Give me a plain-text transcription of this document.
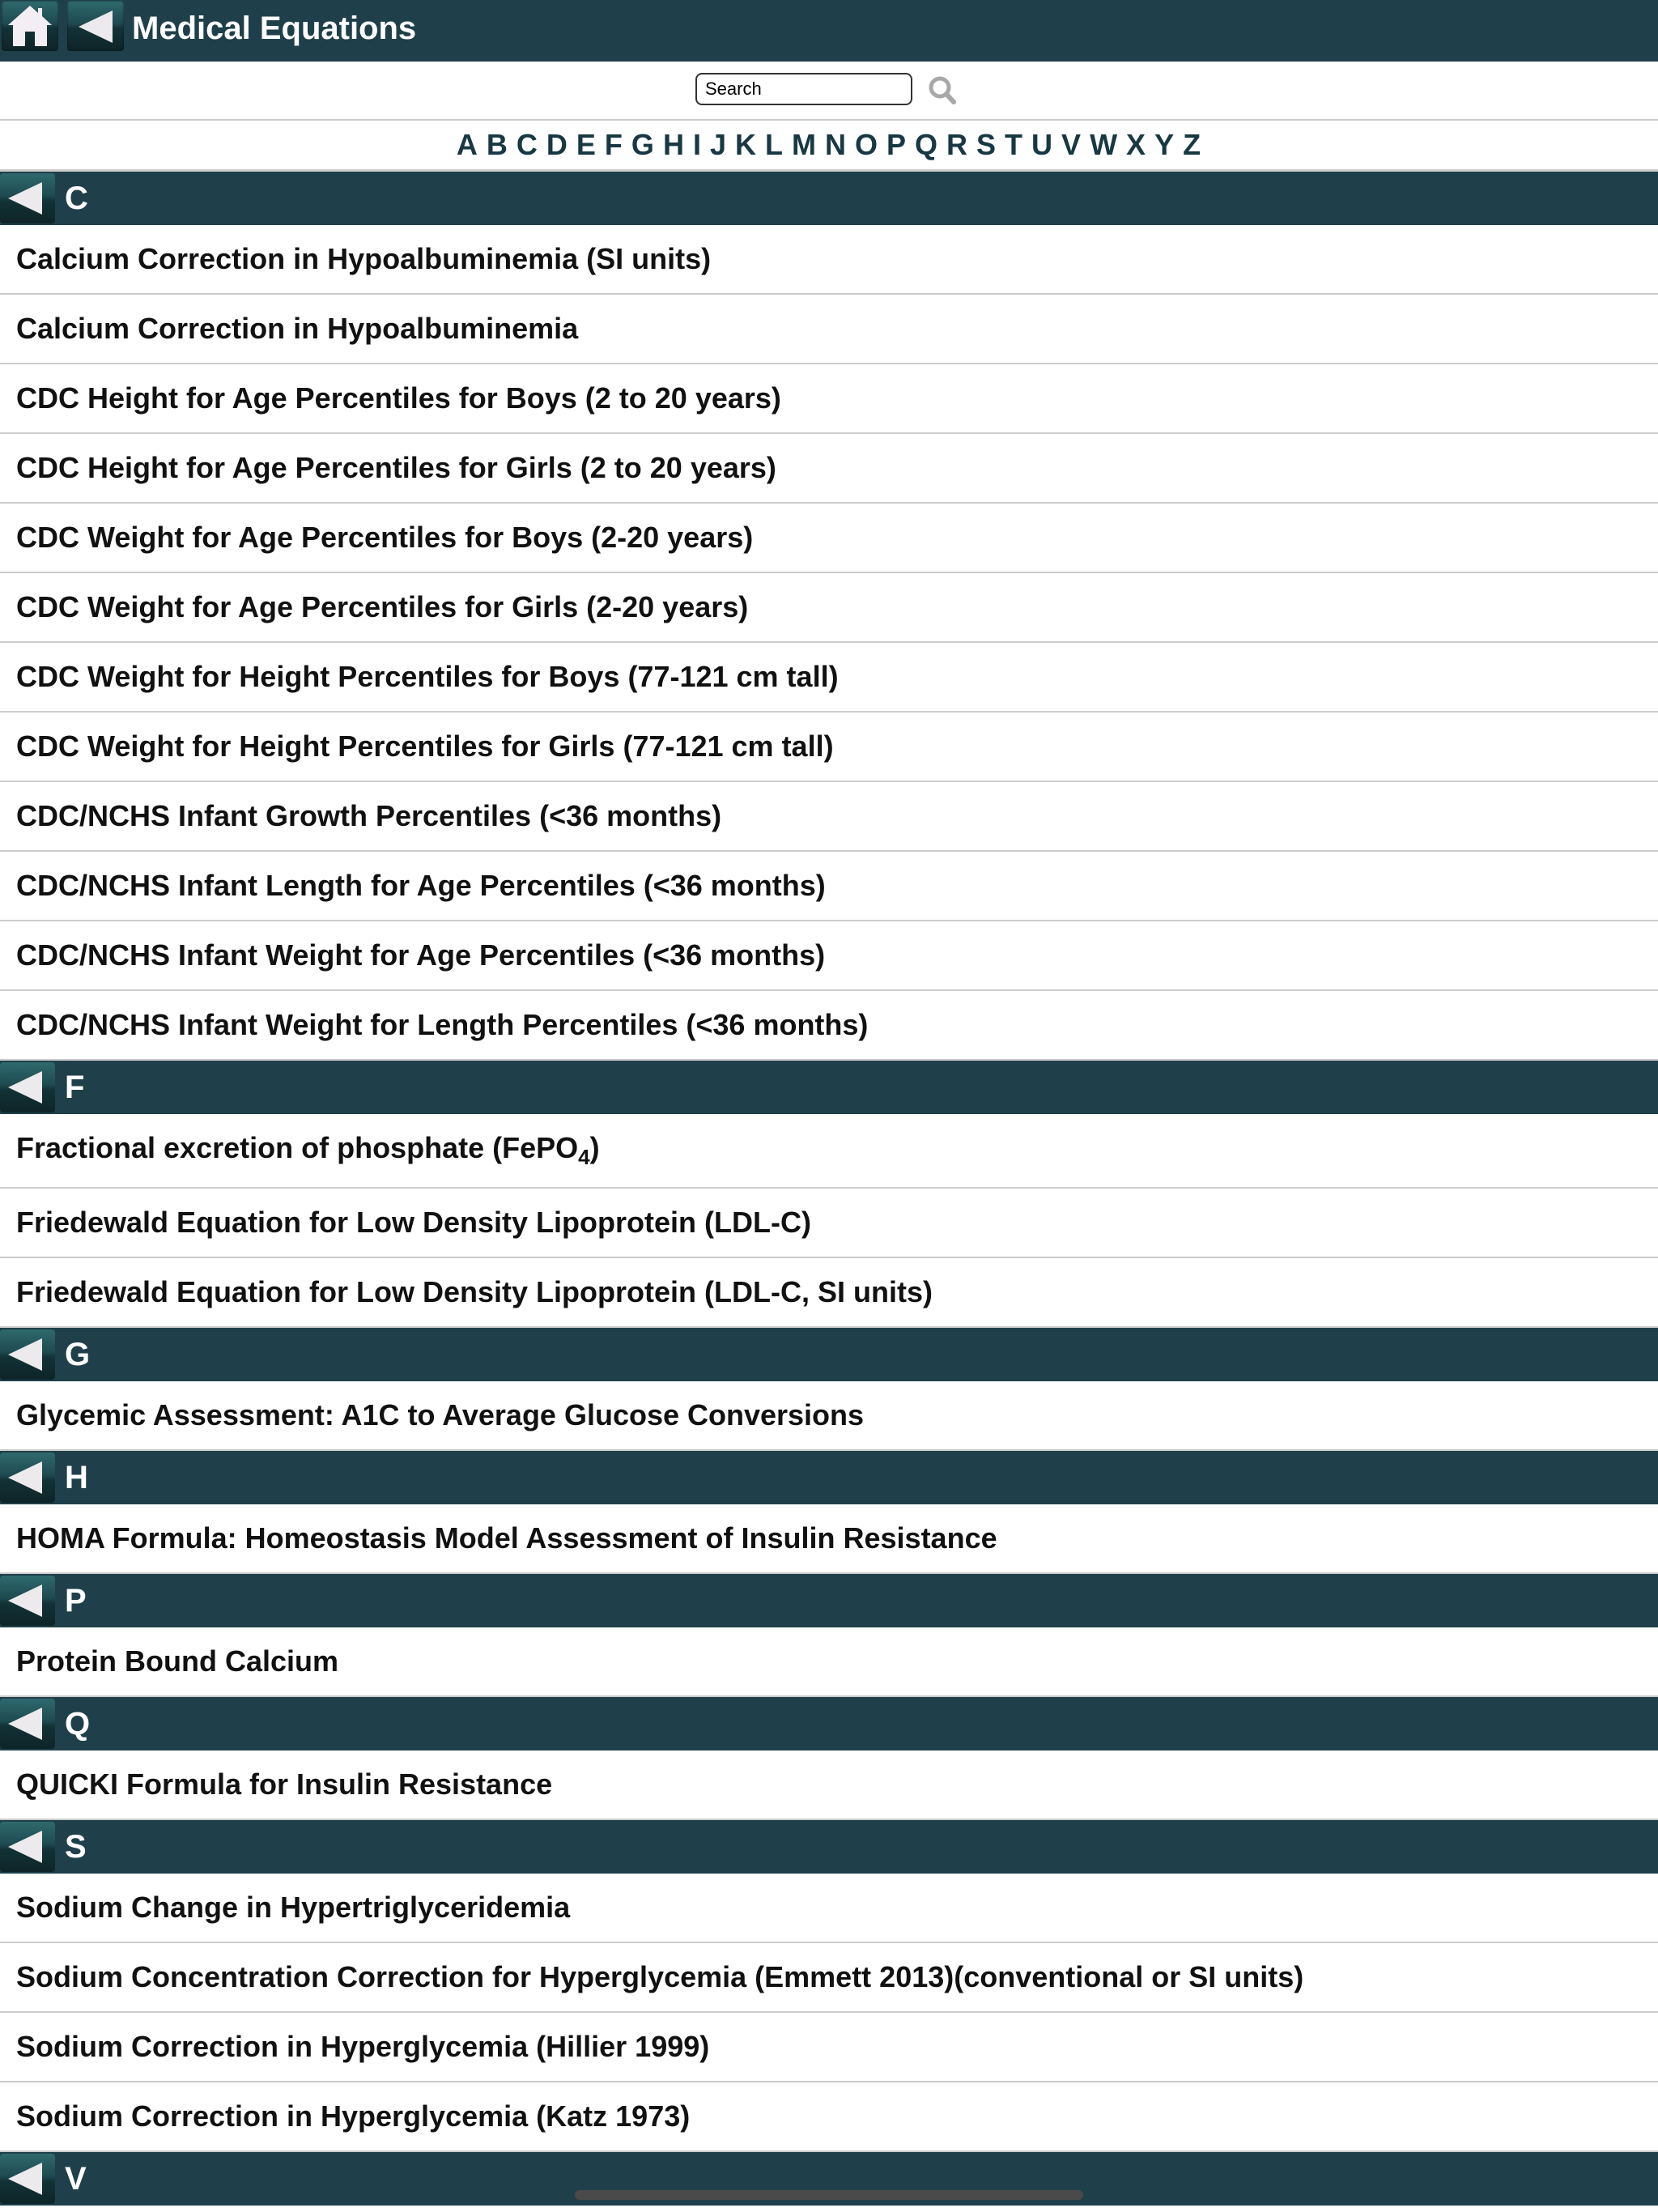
Medical Equations
Search
A B C D E F G H I J K L M N O P Q R S T U V W X Y Z
C
Calcium Correction in Hypoalbuminemia (SI units)
Calcium Correction in Hypoalbuminemia
CDC Height for Age Percentiles for Boys (2 to 20 years)
CDC Height for Age Percentiles for Girls (2 to 20 years)
CDC Weight for Age Percentiles for Boys (2-20 years)
CDC Weight for Age Percentiles for Girls (2-20 years)
CDC Weight for Height Percentiles for Boys (77-121 cm tall)
CDC Weight for Height Percentiles for Girls (77-121 cm tall)
CDC/NCHS Infant Growth Percentiles (<36 months)
CDC/NCHS Infant Length for Age Percentiles (<36 months)
CDC/NCHS Infant Weight for Age Percentiles (<36 months)
CDC/NCHS Infant Weight for Length Percentiles (<36 months)
F
Fractional excretion of phosphate (FePO$_4$)
Friedewald Equation for Low Density Lipoprotein (LDL-C)
Friedewald Equation for Low Density Lipoprotein (LDL-C, SI units)
G
Glycemic Assessment: A1C to Average Glucose Conversions
H
HOMA Formula: Homeostasis Model Assessment of Insulin Resistance
P
Protein Bound Calcium
Q
QUICKI Formula for Insulin Resistance
S
Sodium Change in Hypertriglyceridemia
Sodium Concentration Correction for Hyperglycemia (Emmett 2013)(conventional or SI units)
Sodium Correction in Hyperglycemia (Hillier 1999)
Sodium Correction in Hyperglycemia (Katz 1973)
V
